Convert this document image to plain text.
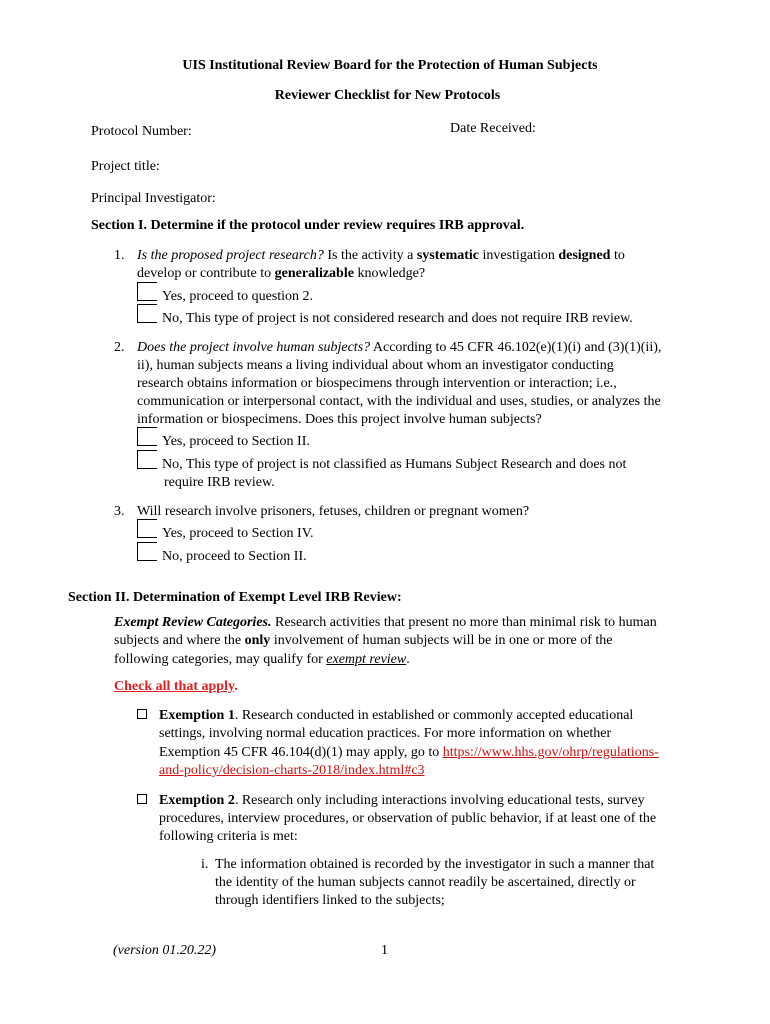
UIS Institutional Review Board for the Protection of Human Subjects
Reviewer Checklist for New Protocols
Protocol Number:	Date Received:
Project title:
Principal Investigator:
Section I. Determine if the protocol under review requires IRB approval.
1. Is the proposed project research? Is the activity a systematic investigation designed to
develop or contribute to generalizable knowledge?
Yes, proceed to question 2.
No, This type of project is not considered research and does not require IRB review.
2. Does the project involve human subjects? According to 45 CFR 46.102(e)(1)(i) and (3)(1)(ii),
ii), human subjects means a living individual about whom an investigator conducting
research obtains information or biospecimens through intervention or interaction; i.e.,
communication or interpersonal contact, with the individual and uses, studies, or analyzes the
information or biospecimens. Does this project involve human subjects?
Yes, proceed to Section II.
No, This type of project is not classified as Humans Subject Research and does not
require IRB review.
3. Will research involve prisoners, fetuses, children or pregnant women?
Yes, proceed to Section IV.
No, proceed to Section II.
Section II. Determination of Exempt Level IRB Review:
Exempt Review Categories. Research activities that present no more than minimal risk to human
subjects and where the only involvement of human subjects will be in one or more of the
following categories, may qualify for exempt review.
Check all that apply.
Exemption 1. Research conducted in established or commonly accepted educational
settings, involving normal education practices. For more information on whether
Exemption 45 CFR 46.104(d)(1) may apply, go to https://www.hhs.gov/ohrp/regulations-
and-policy/decision-charts-2018/index.html#c3
Exemption 2. Research only including interactions involving educational tests, survey
procedures, interview procedures, or observation of public behavior, if at least one of the
following criteria is met:
i. The information obtained is recorded by the investigator in such a manner that
the identity of the human subjects cannot readily be ascertained, directly or
through identifiers linked to the subjects;
(version 01.20.22)	1
